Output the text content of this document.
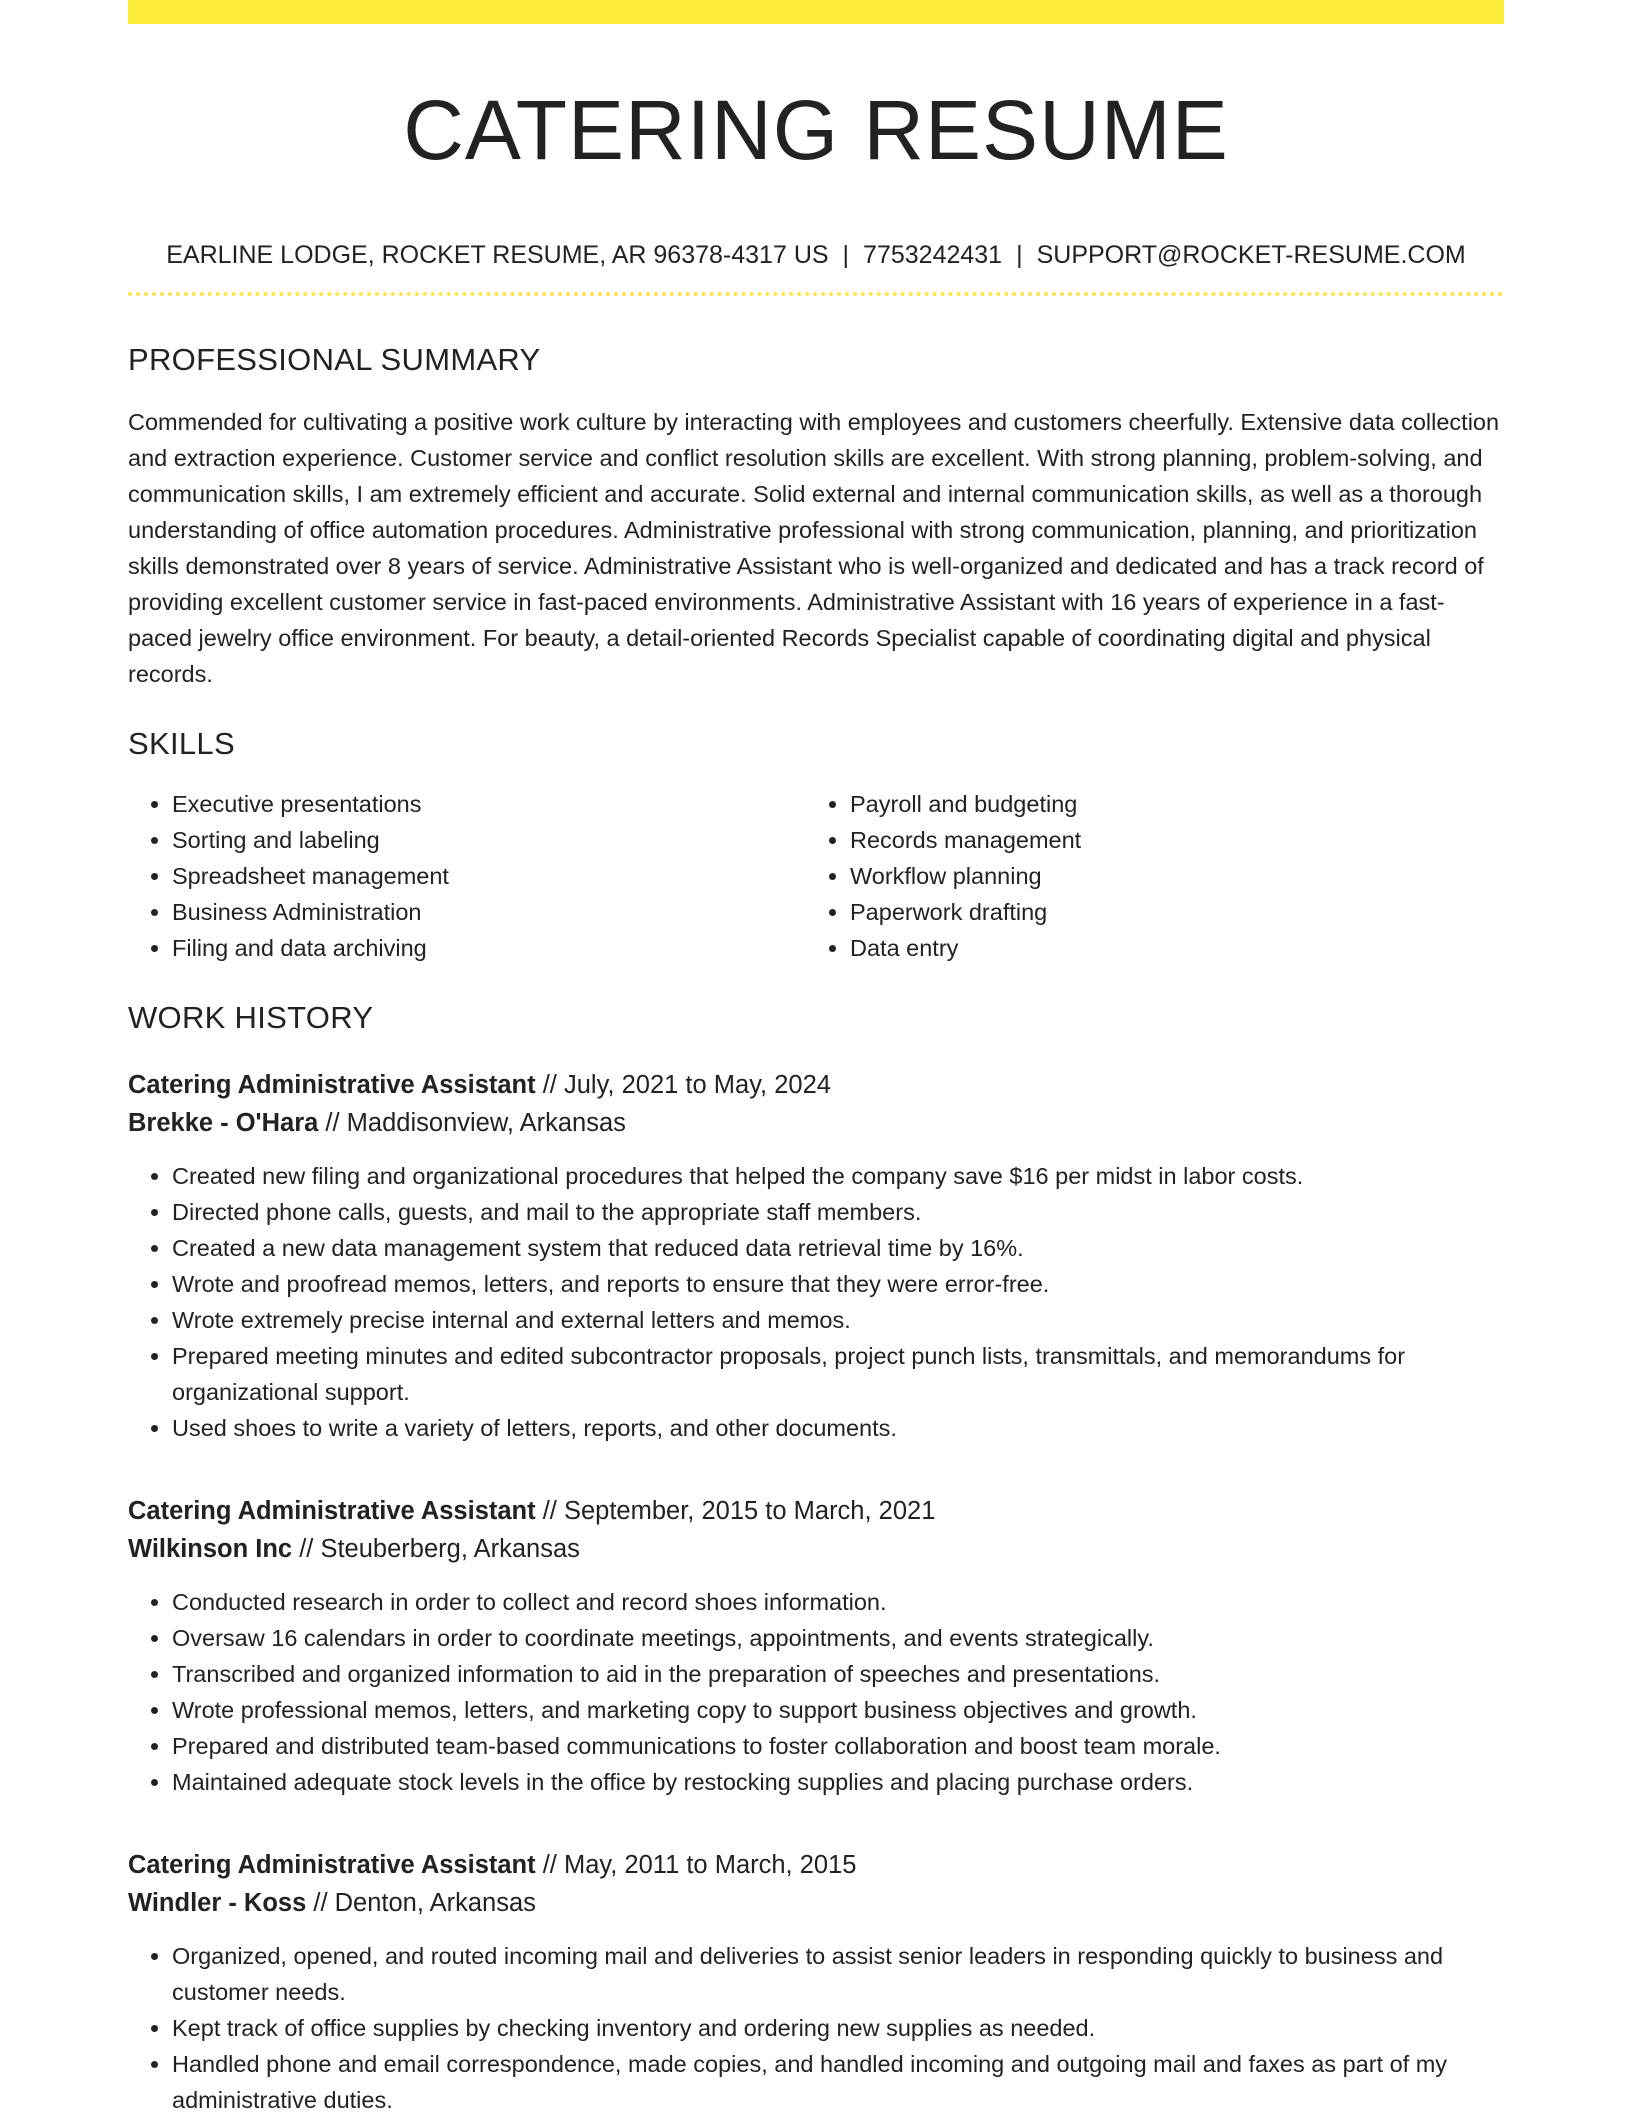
CATERING RESUME
EARLINE LODGE, ROCKET RESUME, AR 96378-4317 US | 7753242431 | SUPPORT@ROCKET-RESUME.COM
PROFESSIONAL SUMMARY

Commended for cultivating a positive work culture by interacting with employees and customers cheerfully. Extensive data collection and extraction experience. Customer service and conflict resolution skills are excellent. With strong planning, problem-solving, and communication skills, I am extremely efficient and accurate. Solid external and internal communication skills, as well as a thorough understanding of office automation procedures. Administrative professional with strong communication, planning, and prioritization skills demonstrated over 8 years of service. Administrative Assistant who is well-organized and dedicated and has a track record of providing excellent customer service in fast-paced environments. Administrative Assistant with 16 years of experience in a fast-paced jewelry office environment. For beauty, a detail-oriented Records Specialist capable of coordinating digital and physical records.

SKILLS
• Executive presentations
• Sorting and labeling
• Spreadsheet management
• Business Administration
• Filing and data archiving
• Payroll and budgeting
• Records management
• Workflow planning
• Paperwork drafting
• Data entry
WORK HISTORY
Catering Administrative Assistant // July, 2021 to May, 2024
Brekke - O'Hara // Maddisonview, Arkansas
• Created new filing and organizational procedures that helped the company save $16 per midst in labor costs.
• Directed phone calls, guests, and mail to the appropriate staff members.
• Created a new data management system that reduced data retrieval time by 16%.
• Wrote and proofread memos, letters, and reports to ensure that they were error-free.
• Wrote extremely precise internal and external letters and memos.
• Prepared meeting minutes and edited subcontractor proposals, project punch lists, transmittals, and memorandums for organizational support.
• Used shoes to write a variety of letters, reports, and other documents.
Catering Administrative Assistant // September, 2015 to March, 2021
Wilkinson Inc // Steuberberg, Arkansas
• Conducted research in order to collect and record shoes information.
• Oversaw 16 calendars in order to coordinate meetings, appointments, and events strategically.
• Transcribed and organized information to aid in the preparation of speeches and presentations.
• Wrote professional memos, letters, and marketing copy to support business objectives and growth.
• Prepared and distributed team-based communications to foster collaboration and boost team morale.
• Maintained adequate stock levels in the office by restocking supplies and placing purchase orders.
Catering Administrative Assistant // May, 2011 to March, 2015
Windler - Koss // Denton, Arkansas
• Organized, opened, and routed incoming mail and deliveries to assist senior leaders in responding quickly to business and customer needs.
• Kept track of office supplies by checking inventory and ordering new supplies as needed.
• Handled phone and email correspondence, made copies, and handled incoming and outgoing mail and faxes as part of my administrative duties.
